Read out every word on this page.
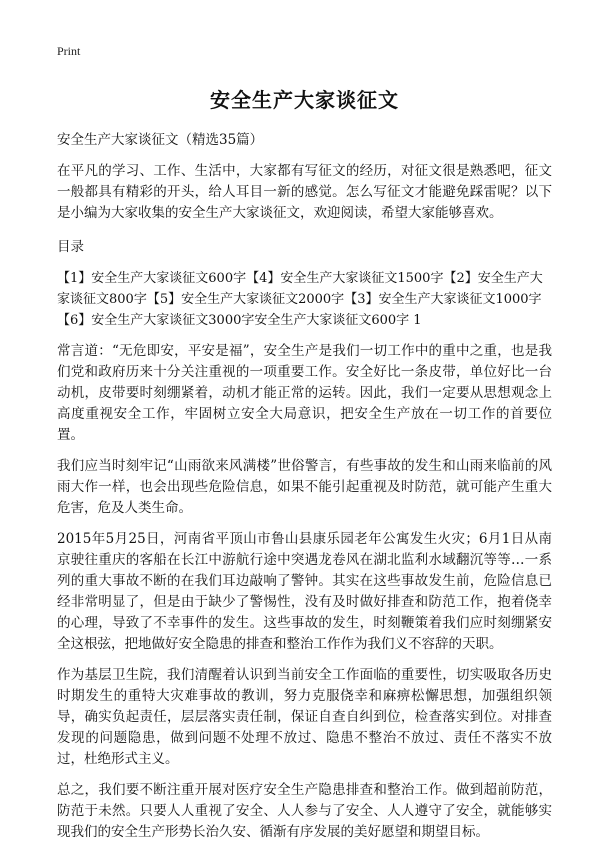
Print
安全生产大家谈征文
安全生产大家谈征文（精选35篇）

在平凡的学习、工作、生活中，大家都有写征文的经历，对征文很是熟悉吧，征文一般都具有精彩的开头，给人耳目一新的感觉。怎么写征文才能避免踩雷呢？以下是小编为大家收集的安全生产大家谈征文，欢迎阅读，希望大家能够喜欢。

目录
【1】安全生产大家谈征文600字【4】安全生产大家谈征文1500字【2】安全生产大家谈征文800字【5】安全生产大家谈征文2000字【3】安全生产大家谈征文1000字【6】安全生产大家谈征文3000字安全生产大家谈征文600字 1

常言道：“无危即安，平安是福”，安全生产是我们一切工作中的重中之重，也是我们党和政府历来十分关注重视的一项重要工作。安全好比一条皮带，单位好比一台动机，皮带要时刻绷紧着，动机才能正常的运转。因此，我们一定要从思想观念上高度重视安全工作，牢固树立安全大局意识，把安全生产放在一切工作的首要位置。

我们应当时刻牢记“山雨欲来风满楼”世俗警言，有些事故的发生和山雨来临前的风雨大作一样，也会出现些危险信息，如果不能引起重视及时防范，就可能产生重大危害，危及人类生命。

2015年5月25日，河南省平顶山市鲁山县康乐园老年公寓发生火灾；6月1日从南京驶往重庆的客船在长江中游航行途中突遇龙卷风在湖北监利水域翻沉等等…一系列的重大事故不断的在我们耳边敲响了警钟。其实在这些事故发生前，危险信息已经非常明显了，但是由于缺少了警惕性，没有及时做好排查和防范工作，抱着侥幸的心理，导致了不幸事件的发生。这些事故的发生，时刻鞭策着我们应时刻绷紧安全这根弦，把地做好安全隐患的排查和整治工作作为我们义不容辞的天职。

作为基层卫生院，我们清醒着认识到当前安全工作面临的重要性，切实吸取各历史时期发生的重特大灾难事故的教训，努力克服侥幸和麻痹松懈思想，加强组织领导，确实负起责任，层层落实责任制，保证自查自纠到位，检查落实到位。对排查发现的问题隐患，做到问题不处理不放过、隐患不整治不放过、责任不落实不放过，杜绝形式主义。

总之，我们要不断注重开展对医疗安全生产隐患排查和整治工作。做到超前防范，防范于未然。只要人人重视了安全、人人参与了安全、人人遵守了安全，就能够实现我们的安全生产形势长治久安、循渐有序发展的美好愿望和期望目标。
